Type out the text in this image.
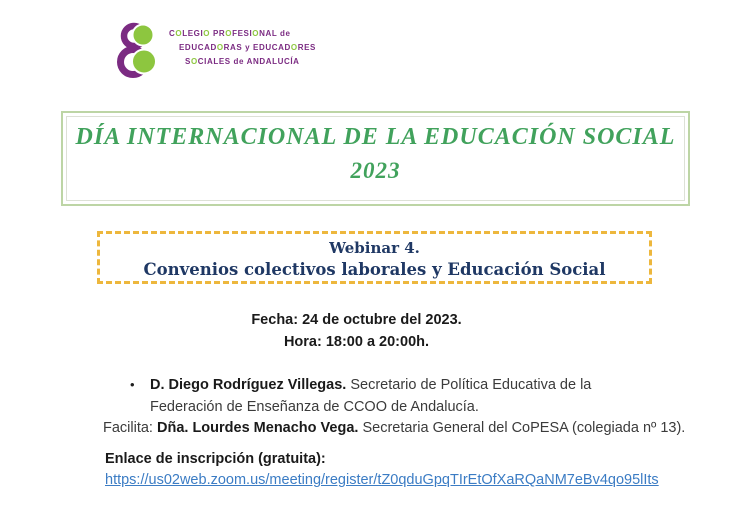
COLEGIO PROFESIONAL de
EDUCADORAS y EDUCADORES
SOCIALES de ANDALUCÍA
DÍA INTERNACIONAL DE LA EDUCACIÓN SOCIAL
2023
Webinar 4.
Convenios colectivos laborales y Educación Social
Fecha: 24 de octubre del 2023.
Hora: 18:00 a 20:00h.
•	D. Diego Rodríguez Villegas. Secretario de Política Educativa de la Federación de Enseñanza de CCOO de Andalucía.
Facilita: Dña. Lourdes Menacho Vega. Secretaria General del CoPESA (colegiada nº 13).
Enlace de inscripción (gratuita):
https://us02web.zoom.us/meeting/register/tZ0qduGpqTIrEtOfXaRQaNM7eBv4qo95lIts
